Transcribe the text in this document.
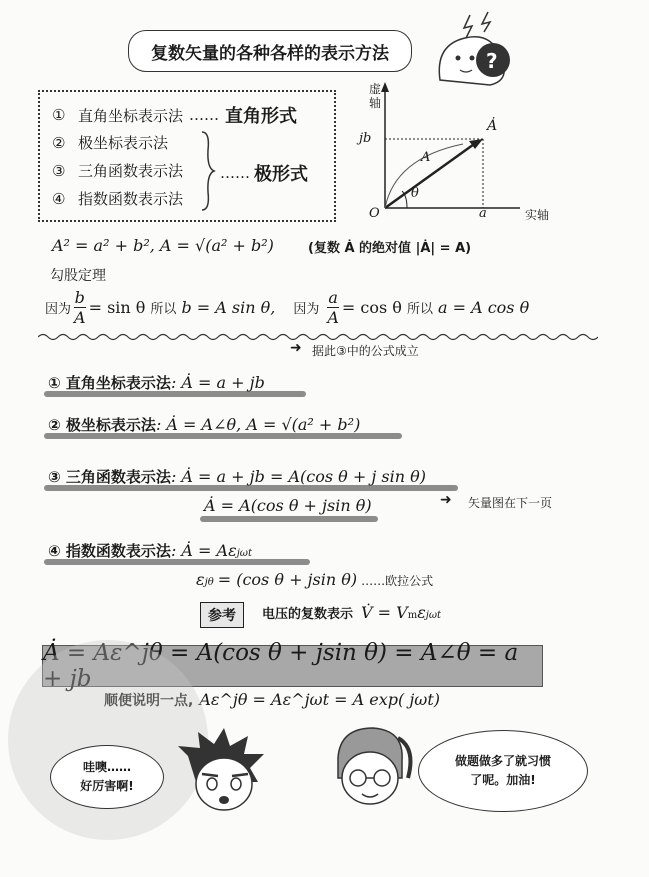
复数矢量的各种各样的表示方法	?
① 直角坐标表示法 …… 直角形式
② 极坐标表示法
③ 三角函数表示法
④ 指数函数表示法
…… 极形式
虚
轴
实轴
O
jb
a
A
θ
Ȧ
A² = a² + b², A = √(a² + b²)	(复数 Ȧ 的绝对值 |Ȧ| = A)
勾股定理
因为 $\frac{b}{A} = \sin \theta$ 所以 b = A sin θ, 因为 $\frac{a}{A} = \cos \theta$ 所以 a = A cos θ
➜ 据此③中的公式成立
① 直角坐标表示法 : Ȧ = a + jb
② 极坐标表示法 : Ȧ = A∠θ, A = √(a² + b²)
③ 三角函数表示法 : Ȧ = a + jb = A(cos θ + j sin θ)
Ȧ = A(cos θ + jsin θ)	➜ 矢量图在下一页
④ 指数函数表示法 : Ȧ = Aε jωt
ε jθ = (cos θ + jsin θ) ……欧拉公式
参考 电压的复数表示 V̇ = V m ε jωt
Ȧ = Aε^jθ = A(cos θ + jsin θ) = A∠θ = a + jb
顺便说明一点, Aε^jθ = Aε^jωt = A exp( jωt)
哇噢……
好厉害啊!
做题做多了就习惯
了呢。加油!
